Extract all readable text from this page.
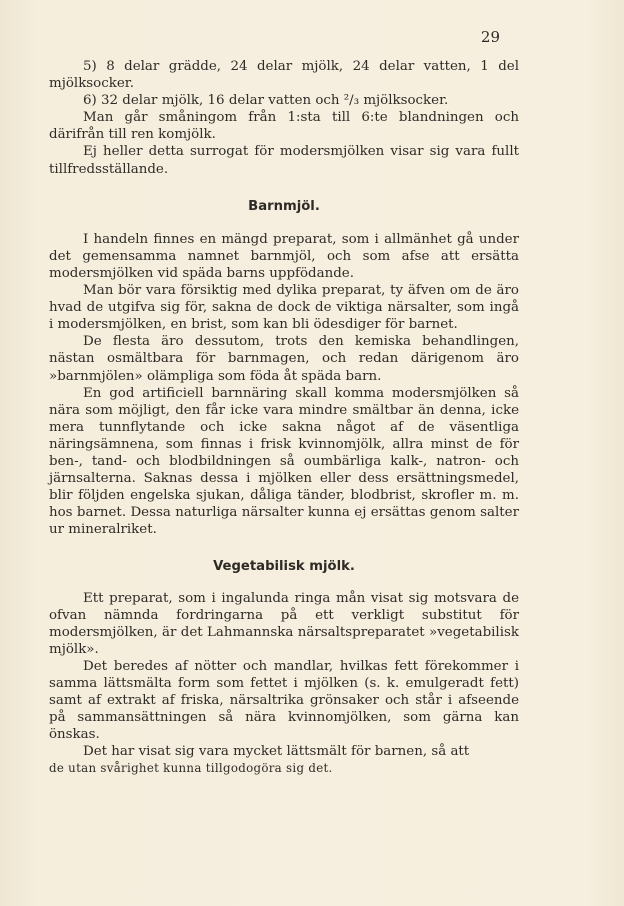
29

5) 8 delar grädde, 24 delar mjölk, 24 delar vatten, 1 del mjölksocker.

6) 32 delar mjölk, 16 delar vatten och ²/₃ mjölksocker.

Man går småningom från 1:sta till 6:te blandningen och därifrån till ren komjölk.

Ej heller detta surrogat för modersmjölken visar sig vara fullt tillfredsställande.

Barnmjöl.

I handeln finnes en mängd preparat, som i allmänhet gå under det gemensamma namnet barnmjöl, och som afse att ersätta modersmjölken vid späda barns uppfödande.

Man bör vara försiktig med dylika preparat, ty äfven om de äro hvad de utgifva sig för, sakna de dock de viktiga närsalter, som ingå i modersmjölken, en brist, som kan bli ödesdiger för barnet.

De flesta äro dessutom, trots den kemiska behandlingen, nästan osmältbara för barnmagen, och redan därigenom äro »barnmjölen» olämpliga som föda åt späda barn.

En god artificiell barnnäring skall komma modersmjölken så nära som möjligt, den får icke vara mindre smältbar än denna, icke mera tunnflytande och icke sakna något af de väsentliga näringsämnena, som finnas i frisk kvinnomjölk, allra minst de för ben-, tand- och blodbildningen så oumbärliga kalk-, natron- och järnsalterna. Saknas dessa i mjölken eller dess ersättningsmedel, blir följden engelska sjukan, dåliga tänder, blodbrist, skrofler m. m. hos barnet. Dessa naturliga närsalter kunna ej ersättas genom salter ur mineralriket.

Vegetabilisk mjölk.

Ett preparat, som i ingalunda ringa mån visat sig motsvara de ofvan nämnda fordringarna på ett verkligt substitut för modersmjölken, är det Lahmannska närsaltspreparatet »vegetabilisk mjölk».

Det beredes af nötter och mandlar, hvilkas fett förekommer i samma lättsmälta form som fettet i mjölken (s. k. emulgeradt fett) samt af extrakt af friska, närsaltrika grönsaker och står i afseende på sammansättningen så nära kvinnomjölken, som gärna kan önskas.

Det har visat sig vara mycket lättsmält för barnen, så att

de utan svårighet kunna tillgodogöra sig det.
